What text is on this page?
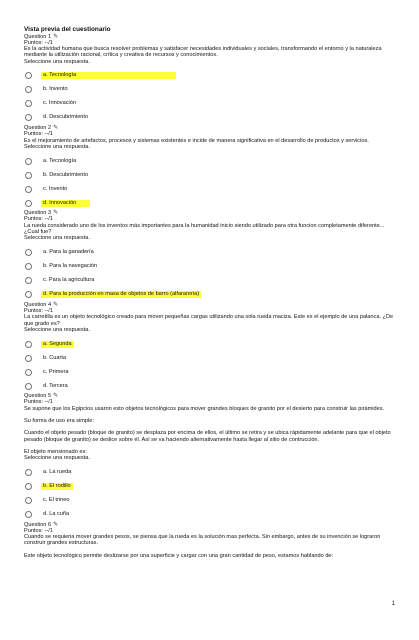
Vista previa del cuestionario
Question 1 ✎
Puntos: --/1
Es la actividad humana que busca resolver problemas y satisfacer necesidades individuales y sociales, transformando el entorno y la naturaleza mediante la utilización racional, crítica y creativa de recursos y conocimientos.
Seleccione una respuesta.
a. Tecnología
b. Invento
c. Innovación
d. Descubrimiento
Question 2 ✎
Puntos: --/1
Es el mejoramiento de artefactos, procesos y sistemas existentes e incide de manera significativa en el desarrollo de productos y servicios.
Seleccione una respuesta.
a. Tecnología
b. Descubrimiento
c. Invento
d. Innovación
Question 3 ✎
Puntos: --/1
La rueda considerado uno de los inventos más importantes para la humanidad inicio siendo utilizado para otra funcion completamente diferente... ¿Cual fue?
Seleccione una respuesta.
a. Para la ganadería
b. Para la navegación
c. Para la agricultura
d. Para la producción en masa de objetos de barro (alfarareria)
Question 4 ✎
Puntos: --/1
La carretilla es un objeto tecnológico creado para mover pequeñas cargas utilizando una sola rueda maciza. Este es el ejemplo de una palanca. ¿De que grado es?
Seleccione una respuesta.
a. Segunda
b. Cuarta
c. Primera
d. Tercera
Question 5 ✎
Puntos: --/1
Se supone que los Egipcios usaron esto objetos tecnológicos para mover grandes bloques de granito por el desierto para construir las pirámides.
Su forma de uso era simple:
Cuando el objeto pesado (bloque de granito) se desplaza por encima de ellos, el último se retira y se ubica rápidamente adelante para que el objeto pesado (bloque de granito) se deslice sobre él. Así se va haciendo alternativamente hasta llegar al sitio de contrucción.
El objeto mensionado es:
Seleccione una respuesta.
a. La rueda
b. El rodillo
c. El trineo
d. La cuña
Question 6 ✎
Puntos: --/1
Cuando se requieria mover grandes pesos, se piensa que la rueda es la solución mas perfecta. Sin embargo, antes de su invención se lograron construir grandes estructuras.
Este objeto tecnológico permite deslizarse por una superficie y cargar con una gran cantidad de peso, estamos hablando de:
1
